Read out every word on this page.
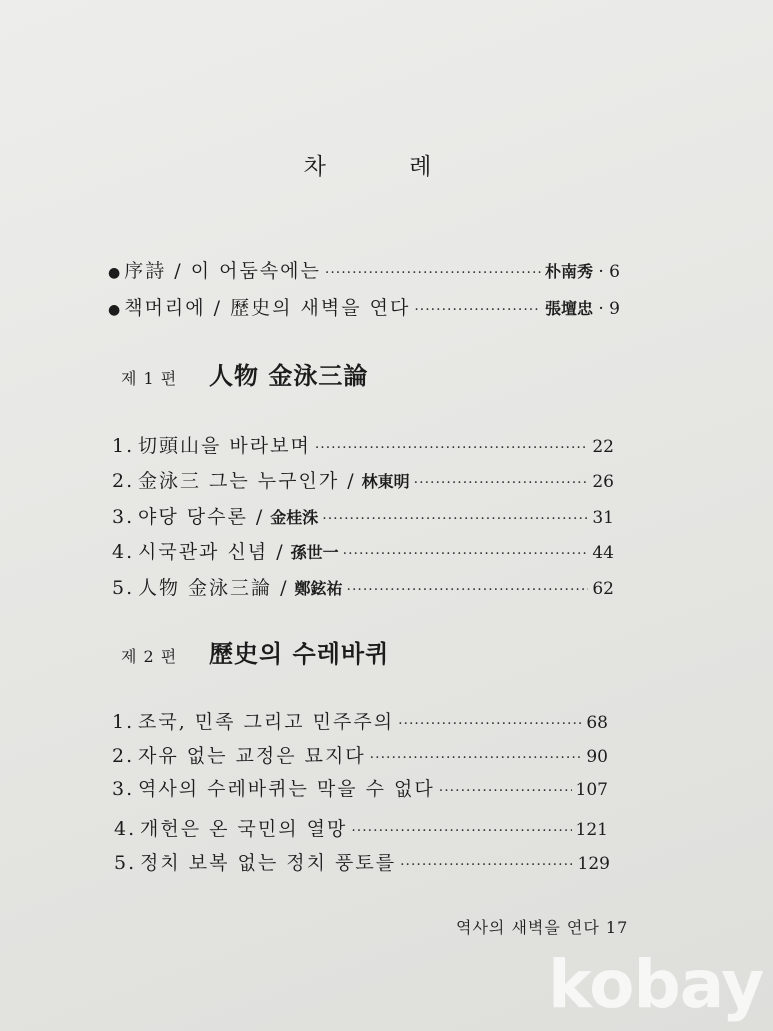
차 례
● 序詩 / 이 어둠속에는 ·····	朴南秀 · 6
● 책머리에 / 歷史의 새벽을 연다 ·····	張壇忠 · 9
제 1 편	人物 金泳三論
1. 切頭山을 바라보며 ·····	22
2. 金泳三 그는 누구인가 / 林東明 ·····	26
3. 야당 당수론 / 金桂洙 ·····	31
4. 시국관과 신념 / 孫世一 ·····	44
5. 人物 金泳三論 / 鄭鉉祐 ·····	62
제 2 편	歷史의 수레바퀴
1. 조국, 민족 그리고 민주주의 ·····	68
2. 자유 없는 교정은 묘지다 ·····	90
3. 역사의 수레바퀴는 막을 수 없다 ·····	107
4. 개헌은 온 국민의 열망 ·····	121
5. 정치 보복 없는 정치 풍토를 ·····	129
역사의 새벽을 연다 17
kobay
